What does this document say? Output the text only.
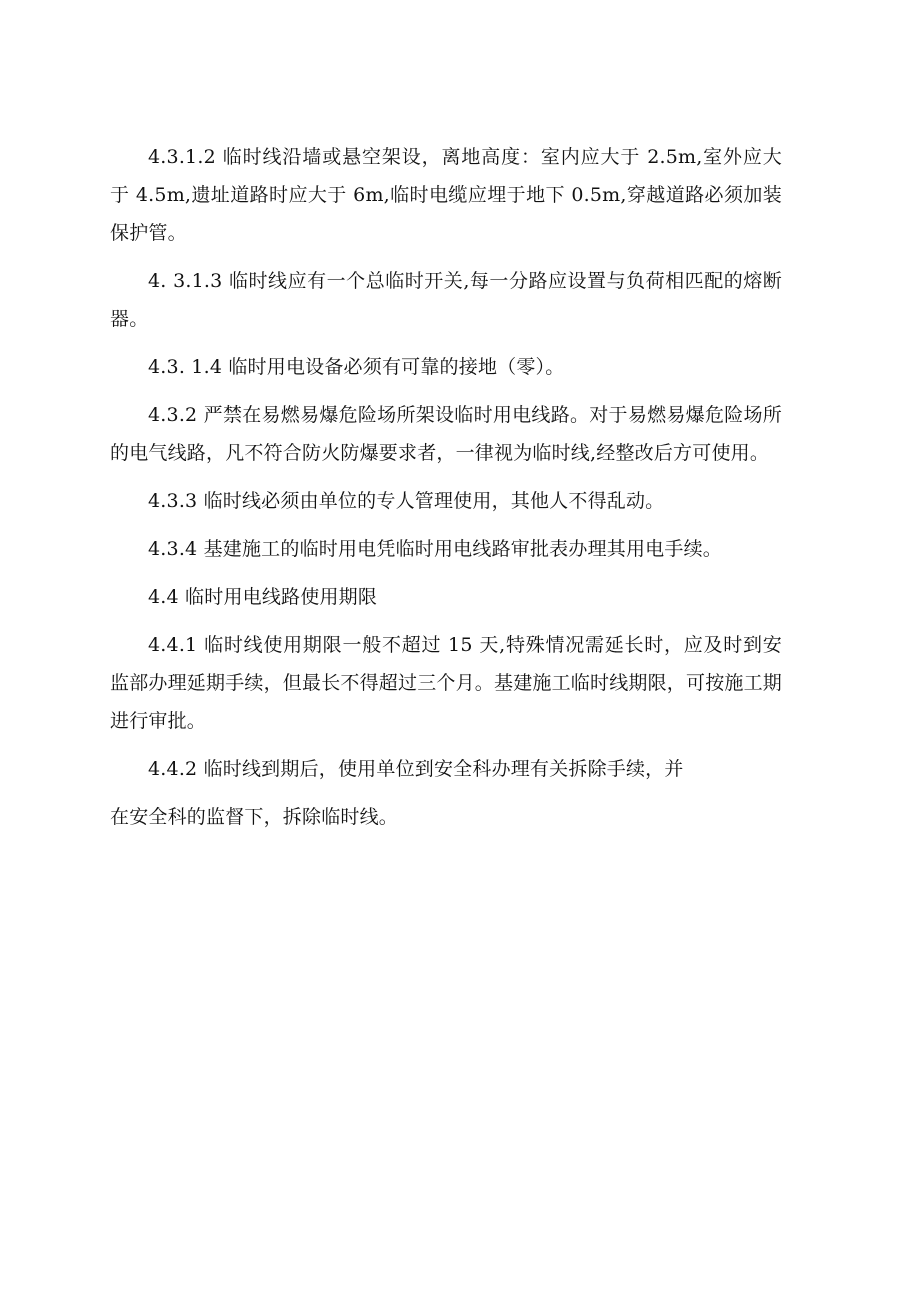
4.3.1.2 临时线沿墙或悬空架设，离地高度：室内应大于 2.5m,室外应大于 4.5m,遗址道路时应大于 6m,临时电缆应埋于地下 0.5m,穿越道路必须加装保护管。

4. 3.1.3 临时线应有一个总临时开关,每一分路应设置与负荷相匹配的熔断器。

4.3. 1.4 临时用电设备必须有可靠的接地（零）。

4.3.2 严禁在易燃易爆危险场所架设临时用电线路。对于易燃易爆危险场所的电气线路，凡不符合防火防爆要求者，一律视为临时线,经整改后方可使用。

4.3.3 临时线必须由单位的专人管理使用，其他人不得乱动。

4.3.4 基建施工的临时用电凭临时用电线路审批表办理其用电手续。

4.4 临时用电线路使用期限

4.4.1 临时线使用期限一般不超过 15 天,特殊情况需延长时，应及时到安监部办理延期手续，但最长不得超过三个月。基建施工临时线期限，可按施工期进行审批。

4.4.2 临时线到期后，使用单位到安全科办理有关拆除手续，并

在安全科的监督下，拆除临时线。
